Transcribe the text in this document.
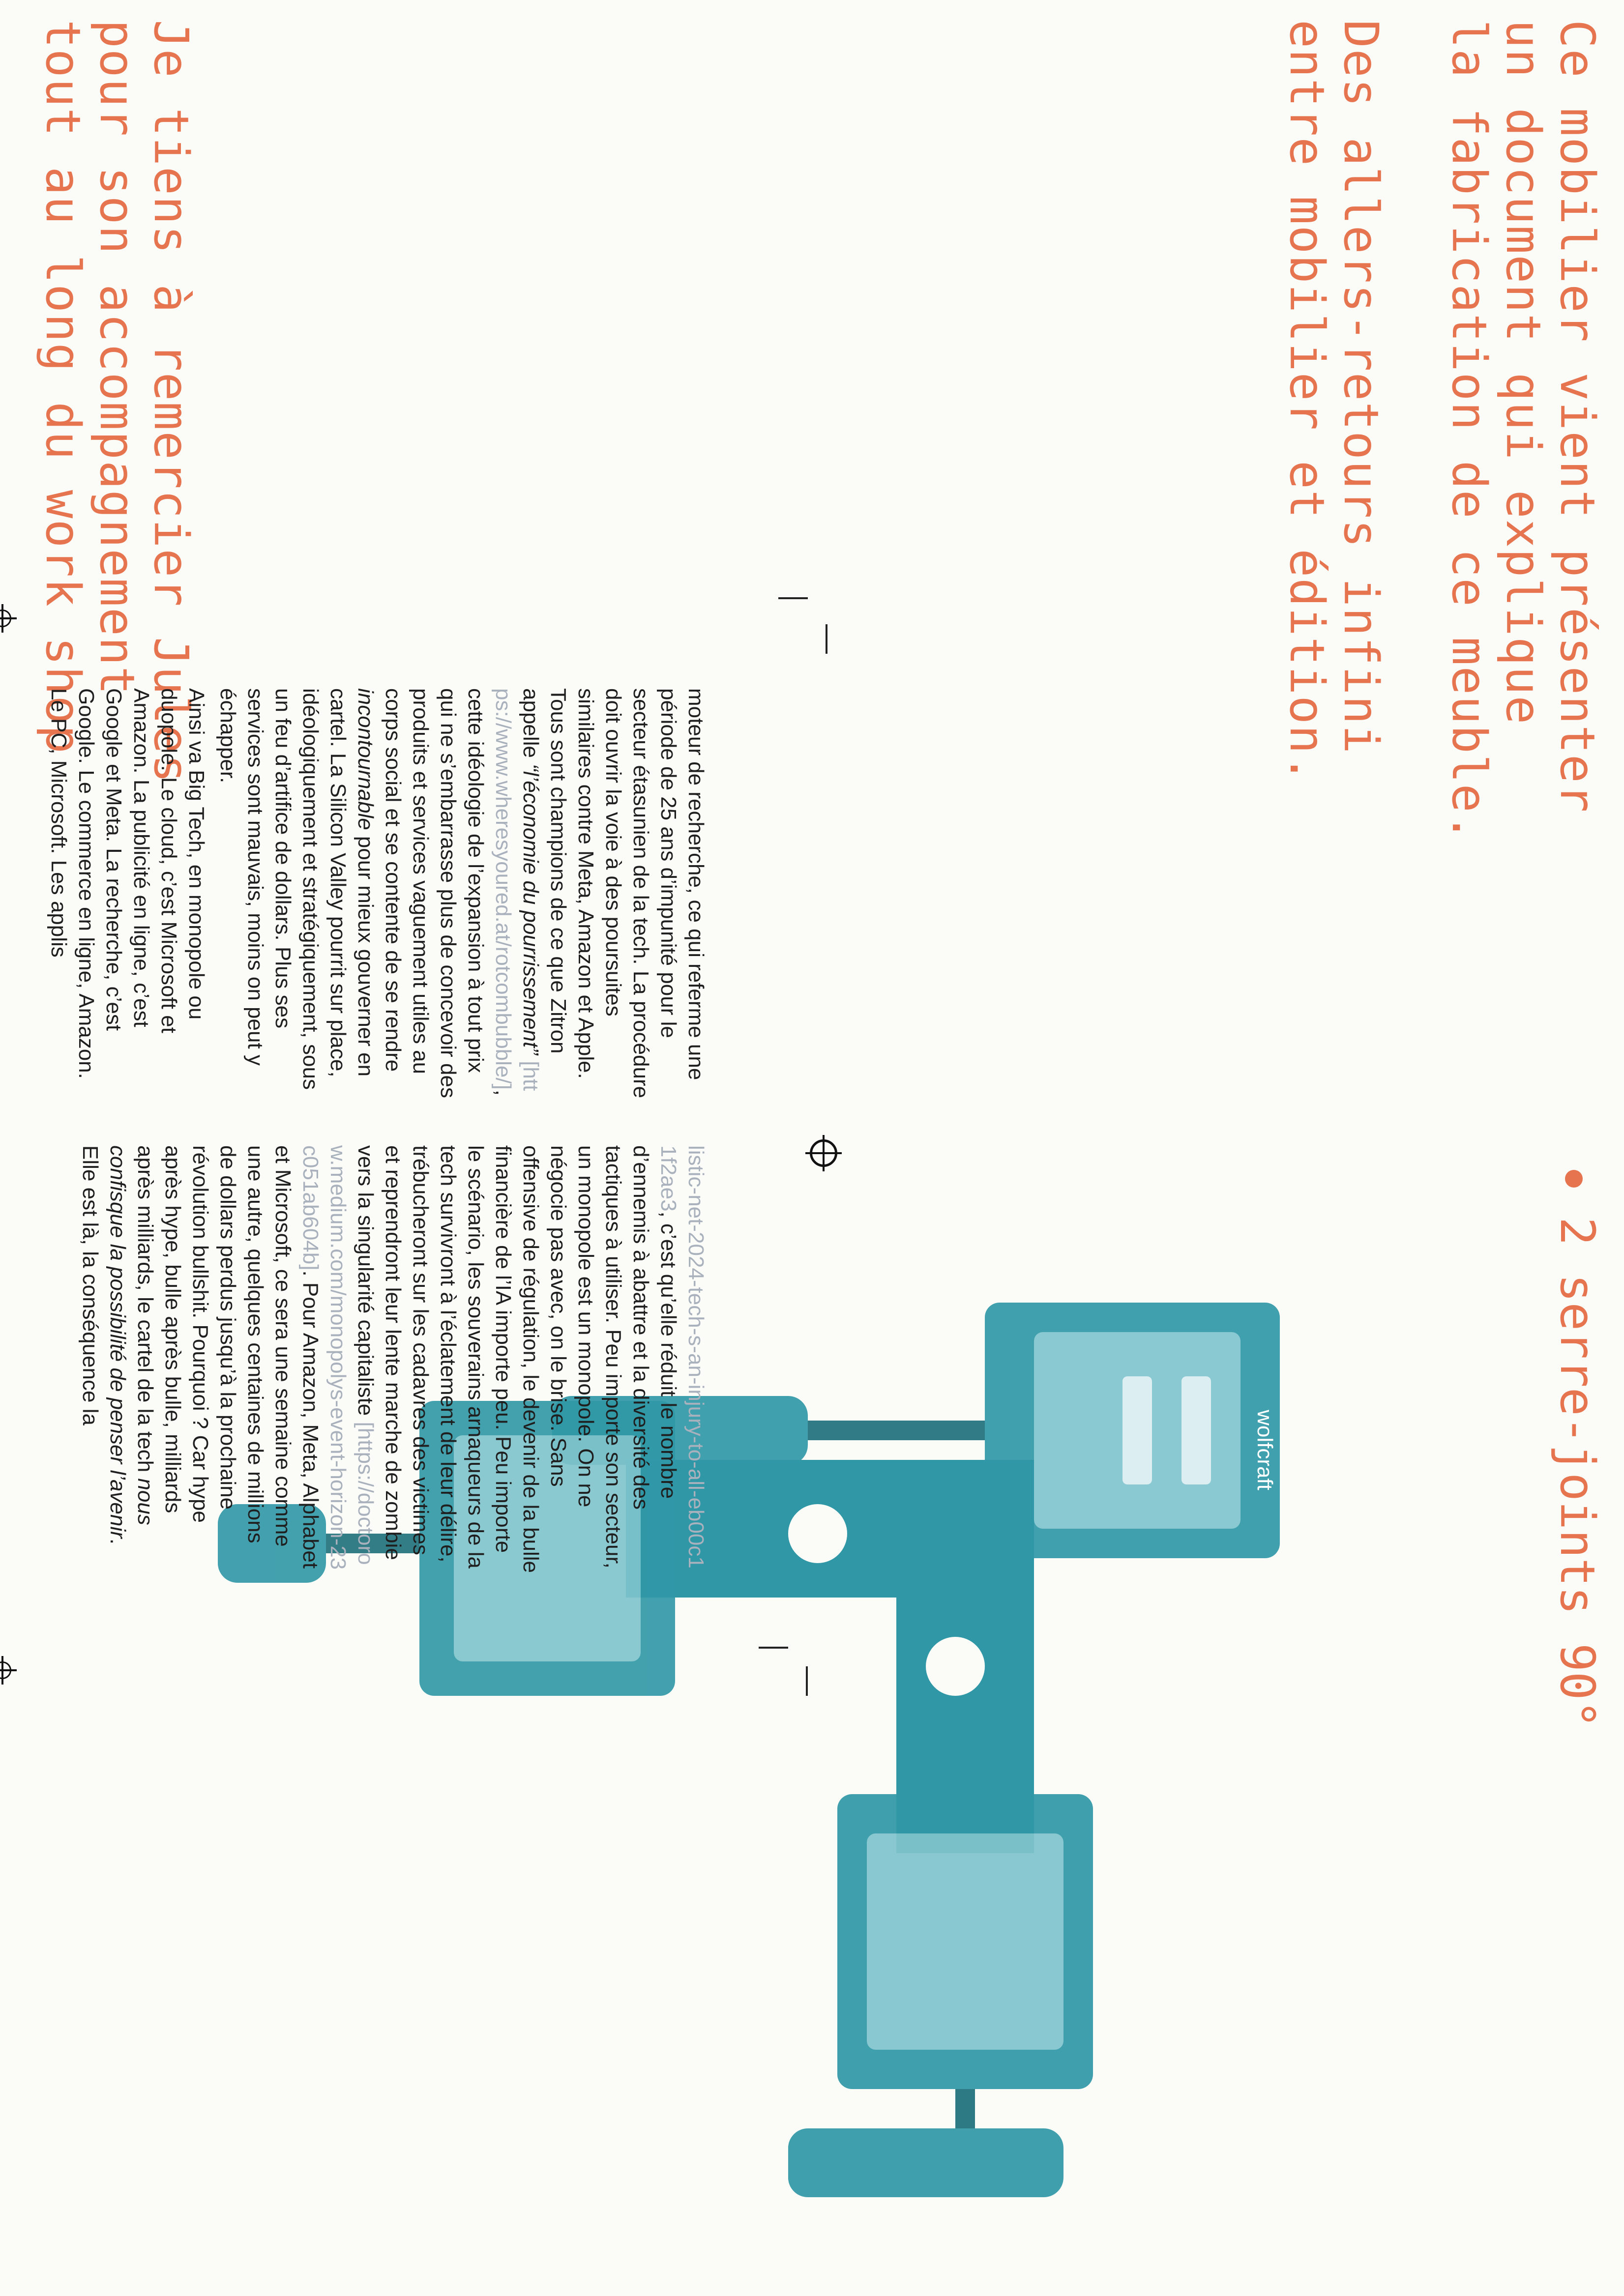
Ce mobilier vient présenter
un document qui explique
la fabrication de ce meuble.
Des allers-retours infini
entre mobilier et édition.
Je tiens à remercier Jules
pour son accompagnement
tout au long du work shop
2 serre-joints 90°
wolfcraft

moteur de recherche, ce qui referme une période de 25 ans d’impunité pour le secteur étasunien de la tech. La procédure doit ouvrir la voie à des poursuites similaires contre Meta, Amazon et Apple. Tous sont champions de ce que Zitron appelle “l’économie du pourrissement” [https://www.wheresyoured.at/rotcombubble/], cette idéologie de l’expansion à tout prix qui ne s’embarrasse plus de concevoir des produits et services vaguement utiles au corps social et se contente de se rendre incontournable pour mieux gouverner en cartel. La Silicon Valley pourrit sur place, idéologiquement et stratégiquement, sous un feu d’artifice de dollars. Plus ses services sont mauvais, moins on peut y échapper.

Ainsi va Big Tech, en monopole ou duopole. Le cloud, c’est Microsoft et Amazon. La publicité en ligne, c’est Google et Meta. La recherche, c’est Google. Le commerce en ligne, Amazon. Le PC, Microsoft. Les applis

listic-net-2024-tech-s-an-injury-to-all-eb00c11f2ae3, c’est qu’elle réduit le nombre d’ennemis à abattre et la diversité des tactiques à utiliser. Peu importe son secteur, un monopole est un monopole. On ne négocie pas avec, on le brise. Sans offensive de régulation, le devenir de la bulle financière de l’IA importe peu. Peu importe le scénario, les souverains arnaqueurs de la tech survivront à l’éclatement de leur délire, trébucheront sur les cadavres des victimes et reprendront leur lente marche de zombie vers la singularité capitaliste [https://doctorow.medium.com/monopolys-event-horizon-23c051ab604b]. Pour Amazon, Meta, Alphabet et Microsoft, ce sera une semaine comme une autre, quelques centaines de millions de dollars perdus jusqu’à la prochaine révolution bullshit. Pourquoi ? Car hype après hype, bulle après bulle, milliards après milliards, le cartel de la tech nous confisque la possibilité de penser l’avenir. Elle est là, la conséquence la
